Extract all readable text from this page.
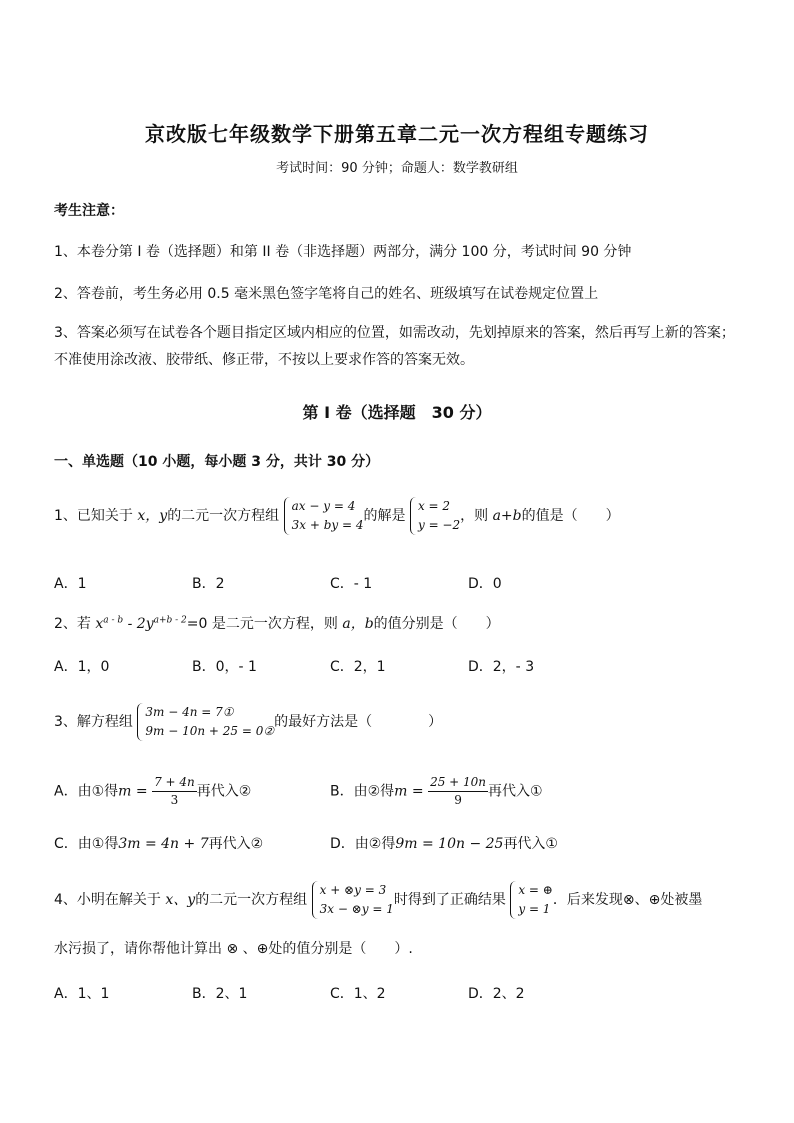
京改版七年级数学下册第五章二元一次方程组专题练习
考试时间：90 分钟；命题人：数学教研组
考生注意：
1、本卷分第 I 卷（选择题）和第 II 卷（非选择题）两部分，满分 100 分，考试时间 90 分钟
2、答卷前，考生务必用 0.5 毫米黑色签字笔将自己的姓名、班级填写在试卷规定位置上
3、答案必须写在试卷各个题目指定区域内相应的位置，如需改动，先划掉原来的答案，然后再写上新的答案；不准使用涂改液、胶带纸、修正带，不按以上要求作答的答案无效。
第 I 卷（选择题　30 分）
一、单选题（10 小题，每小题 3 分，共计 30 分）
1、已知关于 x，y的二元一次方程组
ax − y = 4
3x + by = 4
的解是
x = 2
y = −2
，则 a+b的值是（　　）
A．1	B．2	C．- 1	D．0
2、若 $x^{a - b} - 2y^{a+b - 2}=0$ 是二元一次方程，则 a，b的值分别是（　　）
A．1，0	B．0，- 1	C．2，1	D．2，- 3
3、解方程组
3m − 4n = 7①
9m − 10n + 25 = 0②
的最好方法是（　　　　）
A．由①得$m = \frac{7 + 4n}{3}$ 再代入②	B．由②得$m = \frac{25 + 10n}{9}$ 再代入①
C．由①得3m = 4n + 7再代入②	D．由②得9m = 10n − 25再代入①
4、小明在解关于 x、y的二元一次方程组
x + ⊗y = 3
3x − ⊗y = 1
时得到了正确结果
x = ⊕
y = 1
．后来发现⊗、⊕处被墨
水污损了，请你帮他计算出 ⊗ 、⊕处的值分别是（　　）.
A．1、1	B．2、1	C．1、2	D．2、2
